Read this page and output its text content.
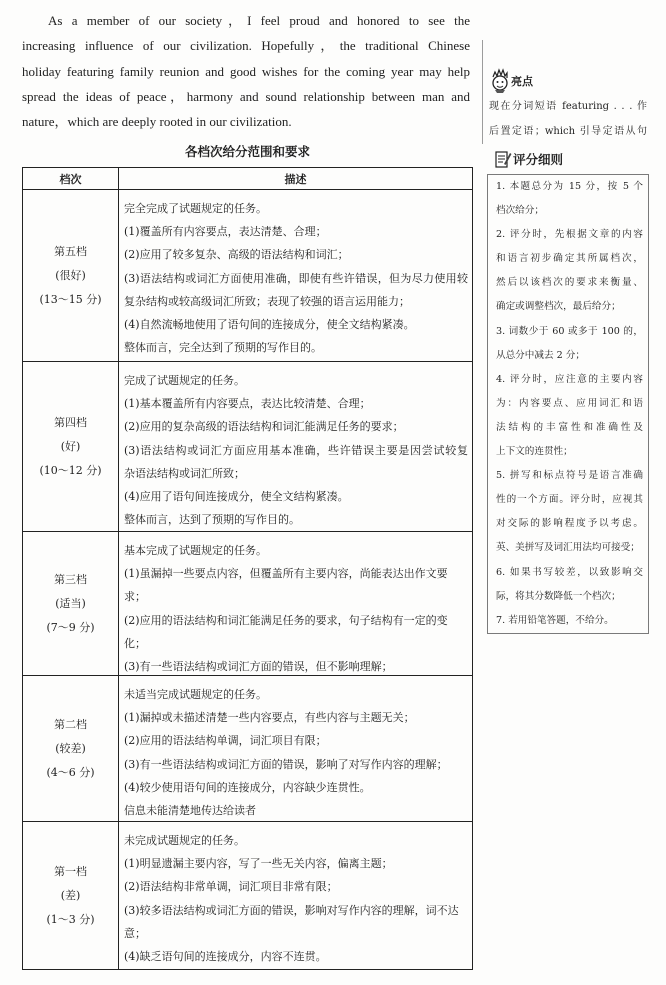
As a member of our society，I feel proud and honored to see the
increasing influence of our civilization. Hopefully，the traditional Chinese
holiday featuring family reunion and good wishes for the coming year may help
spread the ideas of peace，harmony and sound relationship between man and
nature，which are deeply rooted in our civilization.
亮点
现在分词短语 featuring . . . 作
后置定语；which 引导定语从句
评分细则
1. 本题总分为 15 分，按 5 个
档次给分；
2. 评分时，先根据文章的内容
和语言初步确定其所属档次，
然后以该档次的要求来衡量、
确定或调整档次，最后给分；
3. 词数少于 60 或多于 100 的，
从总分中减去 2 分；
4. 评分时，应注意的主要内容
为：内容要点、应用词汇和语
法结构的丰富性和准确性及
上下文的连贯性；
5. 拼写和标点符号是语言准确
性的一个方面。评分时，应视其
对交际的影响程度予以考虑。
英、美拼写及词汇用法均可接受；
6. 如果书写较差，以致影响交
际，将其分数降低一个档次；
7. 若用铅笔答题，不给分。
各档次给分范围和要求
档次	描述
第五档
(很好)
(13～15 分)
完全完成了试题规定的任务。
(1)覆盖所有内容要点，表达清楚、合理；
(2)应用了较多复杂、高级的语法结构和词汇；
(3)语法结构或词汇方面使用准确，即使有些许错误，但为尽力使用较
复杂结构或较高级词汇所致；表现了较强的语言运用能力；
(4)自然流畅地使用了语句间的连接成分，使全文结构紧凑。
整体而言，完全达到了预期的写作目的。
第四档
(好)
(10～12 分)
完成了试题规定的任务。
(1)基本覆盖所有内容要点，表达比较清楚、合理；
(2)应用的复杂高级的语法结构和词汇能满足任务的要求；
(3)语法结构或词汇方面应用基本准确，些许错误主要是因尝试较复
杂语法结构或词汇所致；
(4)应用了语句间连接成分，使全文结构紧凑。
整体而言，达到了预期的写作目的。
第三档
(适当)
(7～9 分)
基本完成了试题规定的任务。
(1)虽漏掉一些要点内容，但覆盖所有主要内容，尚能表达出作文要求；
(2)应用的语法结构和词汇能满足任务的要求，句子结构有一定的变化；
(3)有一些语法结构或词汇方面的错误，但不影响理解；
第二档
(较差)
(4～6 分)
未适当完成试题规定的任务。
(1)漏掉或未描述清楚一些内容要点，有些内容与主题无关；
(2)应用的语法结构单调，词汇项目有限；
(3)有一些语法结构或词汇方面的错误，影响了对写作内容的理解；
(4)较少使用语句间的连接成分，内容缺少连贯性。
信息未能清楚地传达给读者
第一档
(差)
(1～3 分)
未完成试题规定的任务。
(1)明显遗漏主要内容，写了一些无关内容，偏离主题；
(2)语法结构非常单调，词汇项目非常有限；
(3)较多语法结构或词汇方面的错误，影响对写作内容的理解，词不达意；
(4)缺乏语句间的连接成分，内容不连贯。
